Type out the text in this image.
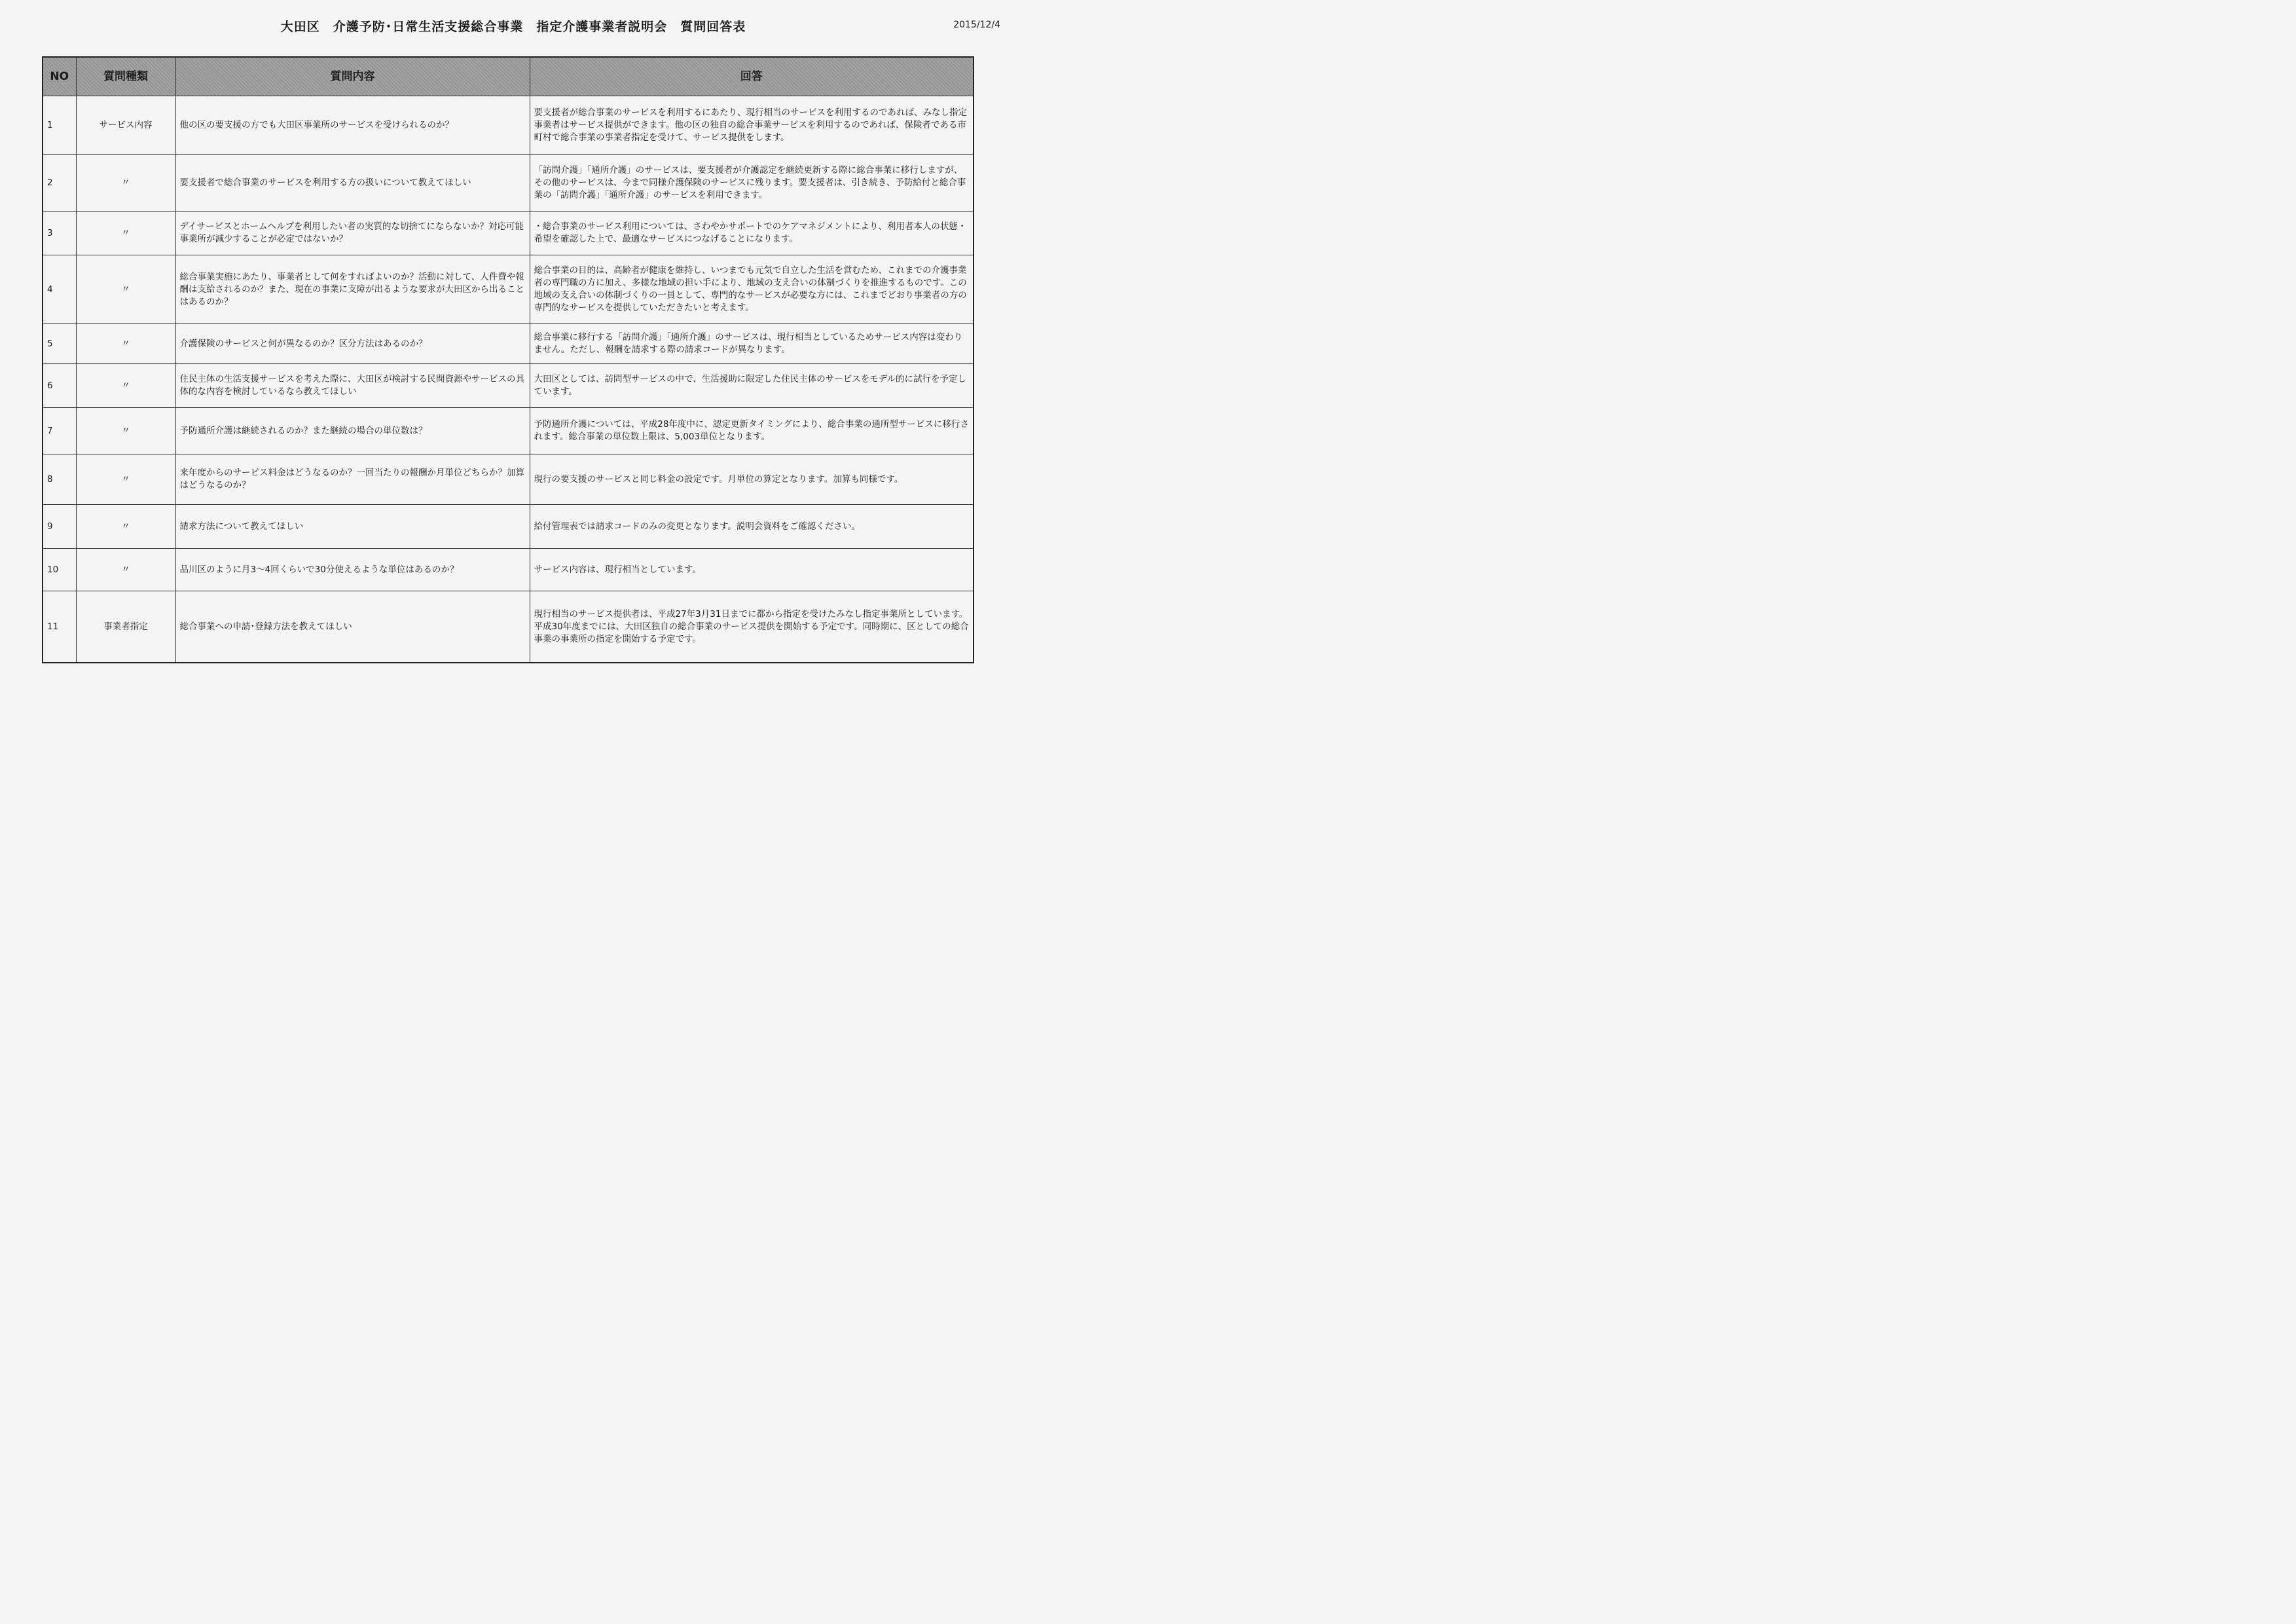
大田区　介護予防･日常生活支援総合事業　指定介護事業者説明会　質問回答表	2015/12/4
NO	質問種類	質問内容	回答
1	サービス内容	他の区の要支援の方でも大田区事業所のサービスを受けられるのか？	要支援者が総合事業のサービスを利用するにあたり、現行相当のサービスを利用するのであれば、みなし指定事業者はサービス提供ができます。他の区の独自の総合事業サービスを利用するのであれば、保険者である市町村で総合事業の事業者指定を受けて、サービス提供をします。
2	〃	要支援者で総合事業のサービスを利用する方の扱いについて教えてほしい	「訪問介護」「通所介護」のサービスは、要支援者が介護認定を継続更新する際に総合事業に移行しますが、その他のサービスは、今まで同様介護保険のサービスに残ります。要支援者は、引き続き、予防給付と総合事業の「訪問介護」「通所介護」のサービスを利用できます。
3	〃	デイサービスとホームヘルプを利用したい者の実質的な切捨てにならないか？対応可能事業所が減少することが必定ではないか？	・総合事業のサービス利用については、さわやかサポートでのケアマネジメントにより、利用者本人の状態・希望を確認した上で、最適なサービスにつなげることになります。
4	〃	総合事業実施にあたり、事業者として何をすればよいのか？活動に対して、人件費や報酬は支給されるのか？また、現在の事業に支障が出るような要求が大田区から出ることはあるのか？	総合事業の目的は、高齢者が健康を維持し、いつまでも元気で自立した生活を営むため、これまでの介護事業者の専門職の方に加え、多様な地域の担い手により、地域の支え合いの体制づくりを推進するものです。この地域の支え合いの体制づくりの一員として、専門的なサービスが必要な方には、これまでどおり事業者の方の専門的なサービスを提供していただきたいと考えます。
5	〃	介護保険のサービスと何が異なるのか？区分方法はあるのか？	総合事業に移行する「訪問介護」「通所介護」のサービスは、現行相当としているためサービス内容は変わりません。ただし、報酬を請求する際の請求コードが異なります。
6	〃	住民主体の生活支援サービスを考えた際に、大田区が検討する民間資源やサービスの具体的な内容を検討しているなら教えてほしい	大田区としては、訪問型サービスの中で、生活援助に限定した住民主体のサービスをモデル的に試行を予定しています。
7	〃	予防通所介護は継続されるのか？また継続の場合の単位数は？	予防通所介護については、平成28年度中に、認定更新タイミングにより、総合事業の通所型サービスに移行されます。総合事業の単位数上限は、5,003単位となります。
8	〃	来年度からのサービス料金はどうなるのか？一回当たりの報酬か月単位どちらか？加算はどうなるのか？	現行の要支援のサービスと同じ料金の設定です。月単位の算定となります。加算も同様です。
9	〃	請求方法について教えてほしい	給付管理表では請求コードのみの変更となります。説明会資料をご確認ください。
10	〃	品川区のように月3～4回くらいで30分使えるような単位はあるのか？	サービス内容は、現行相当としています。
11	事業者指定	総合事業への申請･登録方法を教えてほしい	現行相当のサービス提供者は、平成27年3月31日までに都から指定を受けたみなし指定事業所としています。平成30年度までには、大田区独自の総合事業のサービス提供を開始する予定です。同時期に、区としての総合事業の事業所の指定を開始する予定です。
